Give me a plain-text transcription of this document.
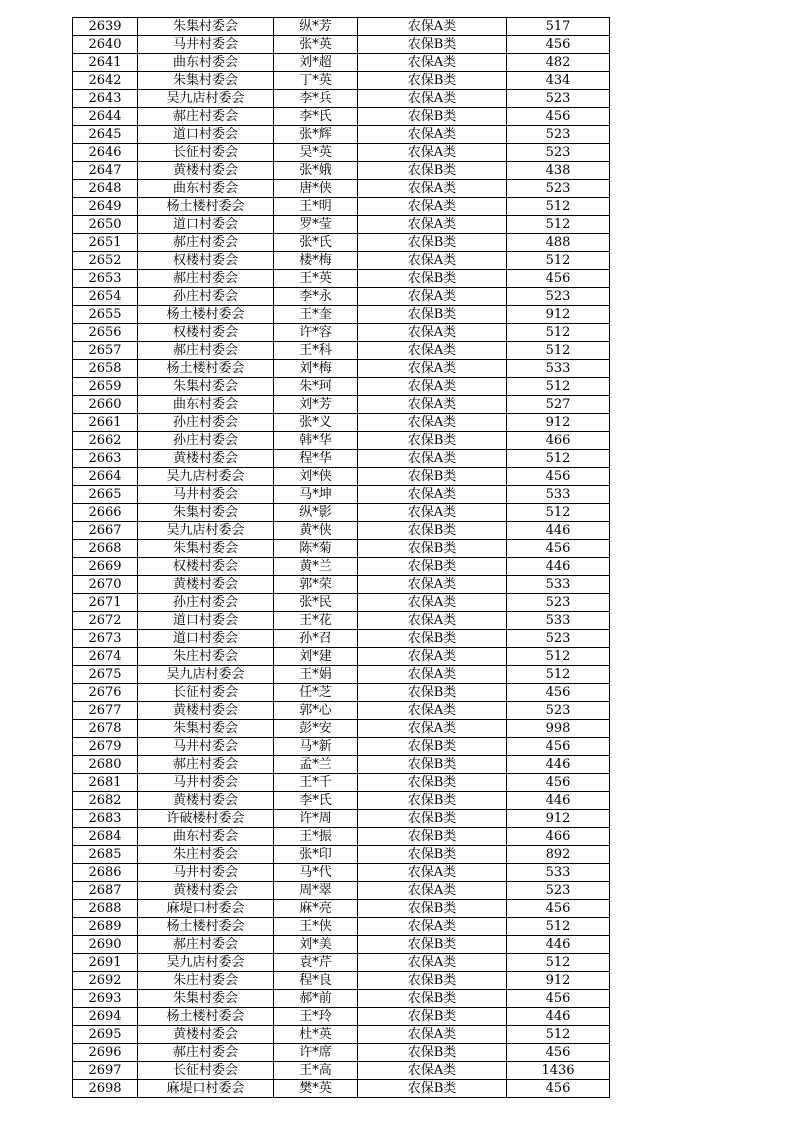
2639	朱集村委会	纵*芳	农保A类	517
2640	马井村委会	张*英	农保B类	456
2641	曲东村委会	刘*超	农保A类	482
2642	朱集村委会	丁*英	农保B类	434
2643	吴九店村委会	李*兵	农保A类	523
2644	郝庄村委会	李*氏	农保B类	456
2645	道口村委会	张*辉	农保A类	523
2646	长征村委会	吴*英	农保A类	523
2647	黄楼村委会	张*娥	农保B类	438
2648	曲东村委会	唐*侠	农保A类	523
2649	杨土楼村委会	王*明	农保A类	512
2650	道口村委会	罗*莹	农保A类	512
2651	郝庄村委会	张*氏	农保B类	488
2652	权楼村委会	楼*梅	农保A类	512
2653	郝庄村委会	王*英	农保B类	456
2654	孙庄村委会	李*永	农保A类	523
2655	杨土楼村委会	王*奎	农保B类	912
2656	权楼村委会	许*容	农保A类	512
2657	郝庄村委会	王*科	农保A类	512
2658	杨土楼村委会	刘*梅	农保A类	533
2659	朱集村委会	朱*珂	农保A类	512
2660	曲东村委会	刘*芳	农保A类	527
2661	孙庄村委会	张*义	农保A类	912
2662	孙庄村委会	韩*华	农保B类	466
2663	黄楼村委会	程*华	农保A类	512
2664	吴九店村委会	刘*侠	农保B类	456
2665	马井村委会	马*坤	农保A类	533
2666	朱集村委会	纵*影	农保A类	512
2667	吴九店村委会	黄*侠	农保B类	446
2668	朱集村委会	陈*菊	农保B类	456
2669	权楼村委会	黄*兰	农保B类	446
2670	黄楼村委会	郭*荣	农保A类	533
2671	孙庄村委会	张*民	农保A类	523
2672	道口村委会	王*花	农保A类	533
2673	道口村委会	孙*召	农保B类	523
2674	朱庄村委会	刘*建	农保A类	512
2675	吴九店村委会	王*娟	农保A类	512
2676	长征村委会	任*芝	农保B类	456
2677	黄楼村委会	郭*心	农保A类	523
2678	朱集村委会	彭*安	农保A类	998
2679	马井村委会	马*新	农保B类	456
2680	郝庄村委会	孟*兰	农保B类	446
2681	马井村委会	王*千	农保B类	456
2682	黄楼村委会	李*氏	农保B类	446
2683	许破楼村委会	许*周	农保B类	912
2684	曲东村委会	王*振	农保B类	466
2685	朱庄村委会	张*印	农保B类	892
2686	马井村委会	马*代	农保A类	533
2687	黄楼村委会	周*翠	农保A类	523
2688	麻堤口村委会	麻*亮	农保B类	456
2689	杨土楼村委会	王*侠	农保A类	512
2690	郝庄村委会	刘*美	农保B类	446
2691	吴九店村委会	袁*芹	农保A类	512
2692	朱庄村委会	程*良	农保B类	912
2693	朱集村委会	郝*前	农保B类	456
2694	杨土楼村委会	王*玲	农保B类	446
2695	黄楼村委会	杜*英	农保A类	512
2696	郝庄村委会	许*席	农保B类	456
2697	长征村委会	王*高	农保A类	1436
2698	麻堤口村委会	樊*英	农保B类	456
